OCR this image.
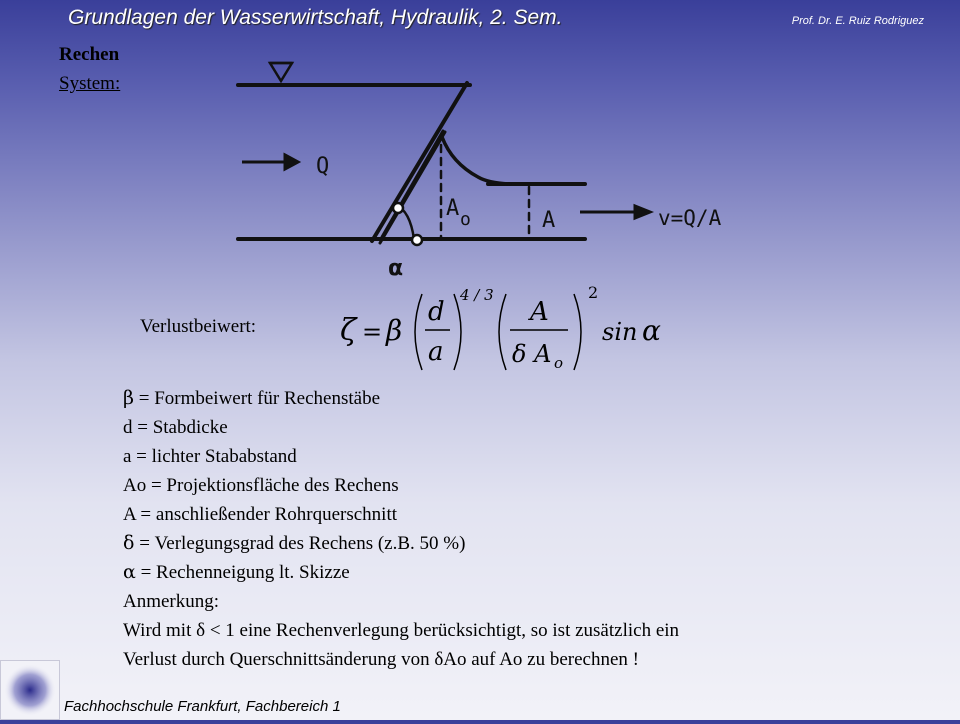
Grundlagen der Wasserwirtschaft, Hydraulik, 2. Sem.	Prof. Dr. E. Ruiz Rodriguez
Rechen
System:
Q
A o	A	v=Q/A
α
Verlustbeiwert:	ζ = β
d
a
4 / 3
A
δ A o
2
sin α
β = Formbeiwert für Rechenstäbe
d = Stabdicke
a = lichter Stababstand
Ao = Projektionsfläche des Rechens
A = anschließender Rohrquerschnitt
δ = Verlegungsgrad des Rechens (z.B. 50 %)
α = Rechenneigung lt. Skizze
Anmerkung:
Wird mit δ < 1 eine Rechenverlegung berücksichtigt, so ist zusätzlich ein
Verlust durch Querschnittsänderung von δAo auf Ao zu berechnen !
Fachhochschule Frankfurt, Fachbereich 1
